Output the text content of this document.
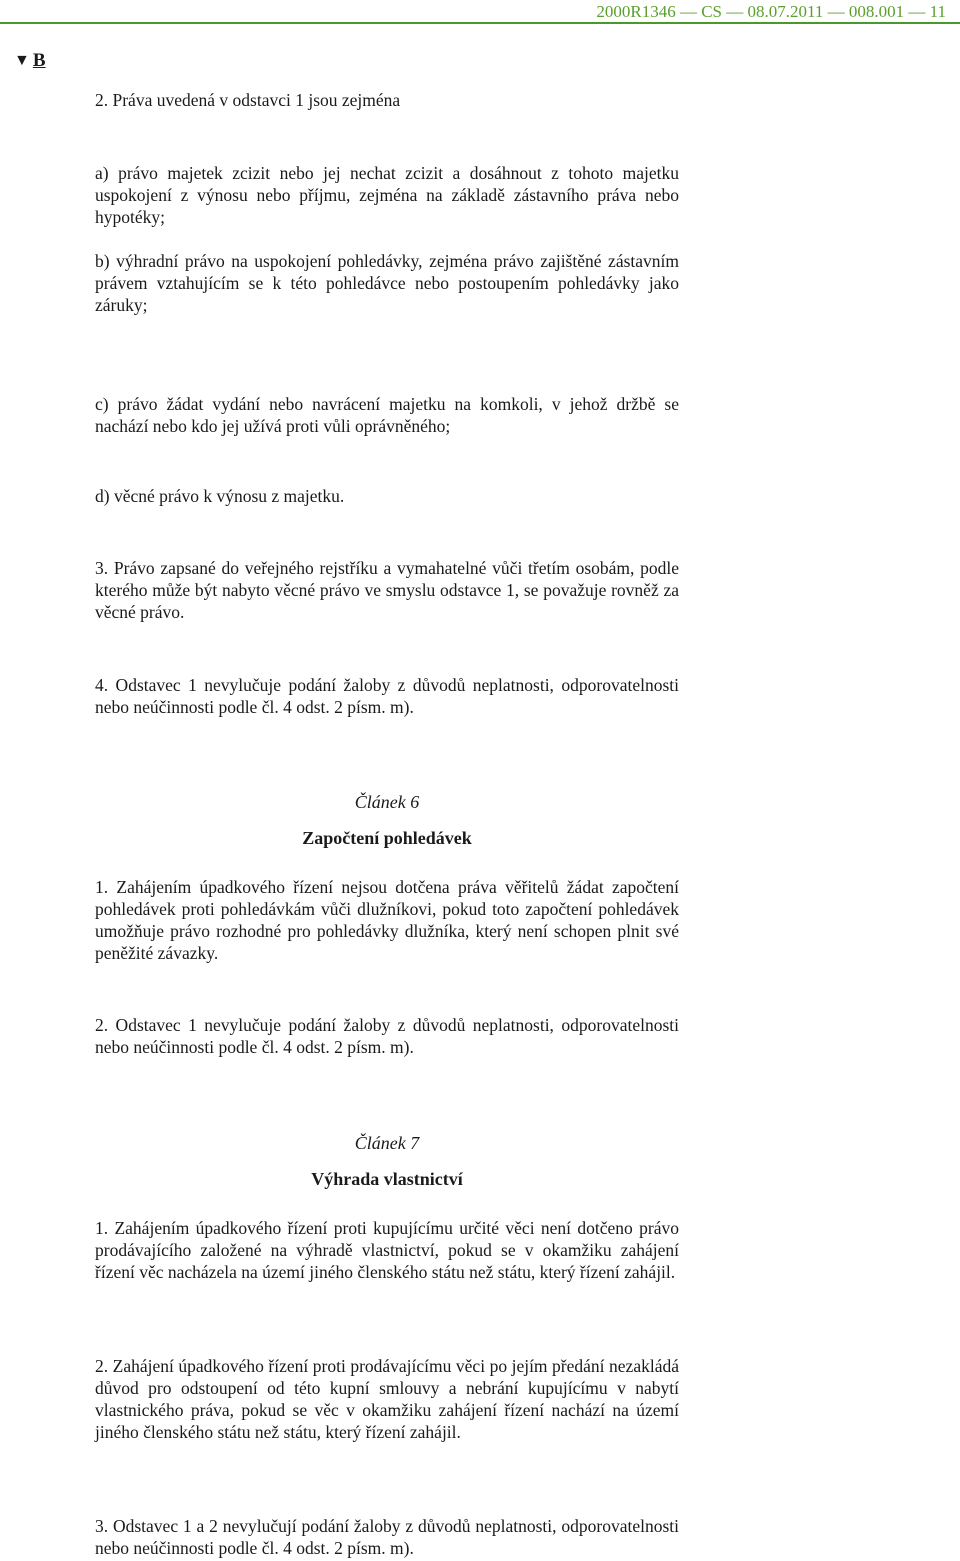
2000R1346 — CS — 08.07.2011 — 008.001 — 11
▼ B

2. Práva uvedená v odstavci 1 jsou zejména

a) právo majetek zcizit nebo jej nechat zcizit a dosáhnout z tohoto majetku uspokojení z výnosu nebo příjmu, zejména na základě zástavního práva nebo hypotéky;

b) výhradní právo na uspokojení pohledávky, zejména právo zajištěné zástavním právem vztahujícím se k této pohledávce nebo postoupením pohledávky jako záruky;

c) právo žádat vydání nebo navrácení majetku na komkoli, v jehož držbě se nachází nebo kdo jej užívá proti vůli oprávněného;

d) věcné právo k výnosu z majetku.

3. Právo zapsané do veřejného rejstříku a vymahatelné vůči třetím osobám, podle kterého může být nabyto věcné právo ve smyslu odstavce 1, se považuje rovněž za věcné právo.

4. Odstavec 1 nevylučuje podání žaloby z důvodů neplatnosti, odporovatelnosti nebo neúčinnosti podle čl. 4 odst. 2 písm. m).

Článek 6
Započtení pohledávek

1. Zahájením úpadkového řízení nejsou dotčena práva věřitelů žádat započtení pohledávek proti pohledávkám vůči dlužníkovi, pokud toto započtení pohledávek umožňuje právo rozhodné pro pohledávky dlužníka, který není schopen plnit své peněžité závazky.

2. Odstavec 1 nevylučuje podání žaloby z důvodů neplatnosti, odporovatelnosti nebo neúčinnosti podle čl. 4 odst. 2 písm. m).

Článek 7
Výhrada vlastnictví

1. Zahájením úpadkového řízení proti kupujícímu určité věci není dotčeno právo prodávajícího založené na výhradě vlastnictví, pokud se v okamžiku zahájení řízení věc nacházela na území jiného členského státu než státu, který řízení zahájil.

2. Zahájení úpadkového řízení proti prodávajícímu věci po jejím předání nezakládá důvod pro odstoupení od této kupní smlouvy a nebrání kupujícímu v nabytí vlastnického práva, pokud se věc v okamžiku zahájení řízení nachází na území jiného členského státu než státu, který řízení zahájil.

3. Odstavec 1 a 2 nevylučují podání žaloby z důvodů neplatnosti, odporovatelnosti nebo neúčinnosti podle čl. 4 odst. 2 písm. m).
